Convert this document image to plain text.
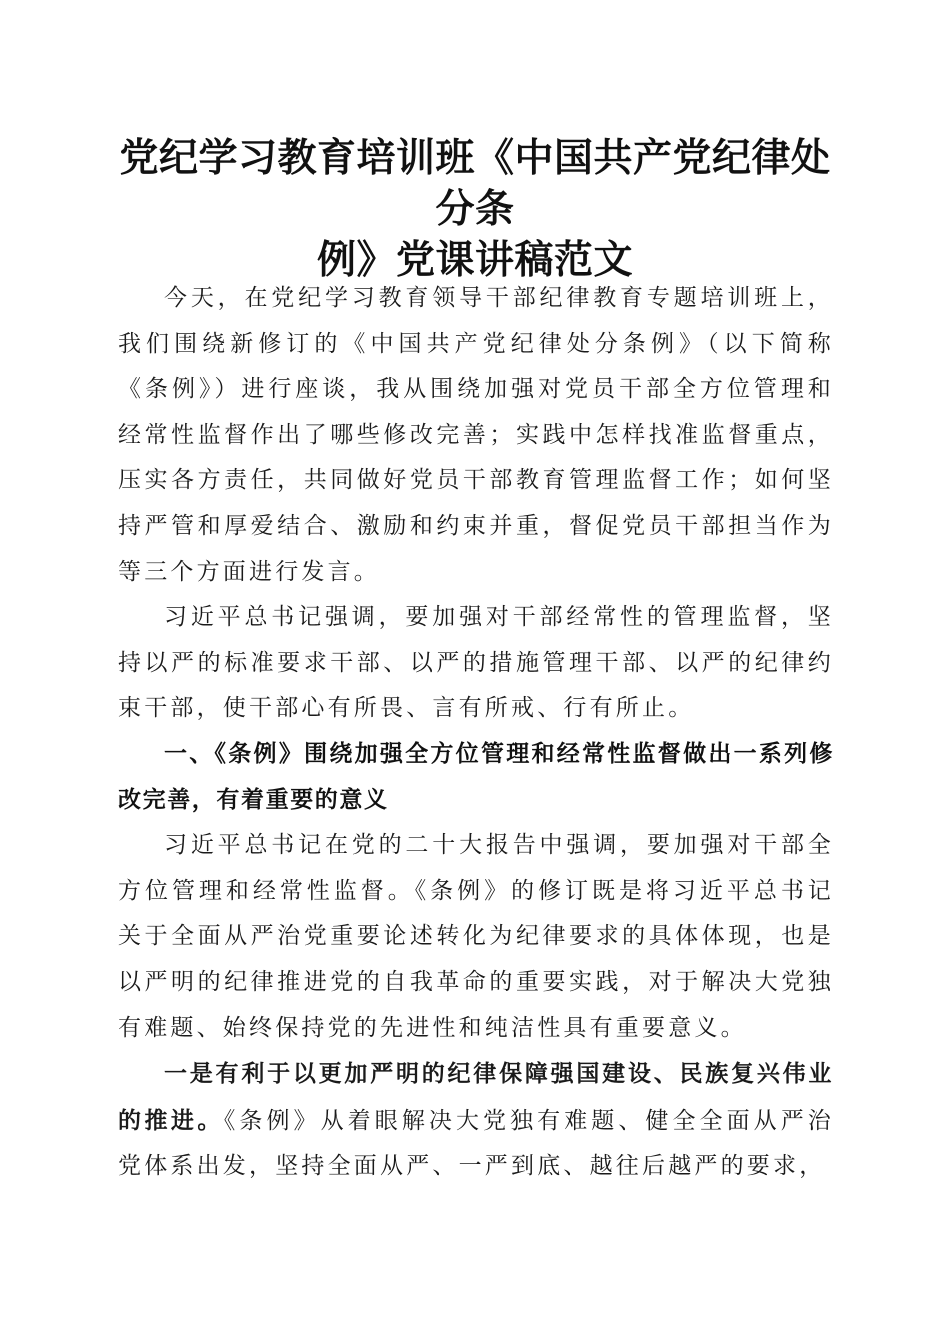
党纪学习教育培训班《中国共产党纪律处分条
例》党课讲稿范文

今天，在党纪学习教育领导干部纪律教育专题培训班上，我们围绕新修订的《中国共产党纪律处分条例》（以下简称《条例》）进行座谈，我从围绕加强对党员干部全方位管理和经常性监督作出了哪些修改完善；实践中怎样找准监督重点，压实各方责任，共同做好党员干部教育管理监督工作；如何坚持严管和厚爱结合、激励和约束并重，督促党员干部担当作为等三个方面进行发言。

习近平总书记强调，要加强对干部经常性的管理监督，坚持以严的标准要求干部、以严的措施管理干部、以严的纪律约束干部，使干部心有所畏、言有所戒、行有所止。

一、《条例》围绕加强全方位管理和经常性监督做出一系列修改完善，有着重要的意义

习近平总书记在党的二十大报告中强调，要加强对干部全方位管理和经常性监督。《条例》的修订既是将习近平总书记关于全面从严治党重要论述转化为纪律要求的具体体现，也是以严明的纪律推进党的自我革命的重要实践，对于解决大党独有难题、始终保持党的先进性和纯洁性具有重要意义。

一是有利于以更加严明的纪律保障强国建设、民族复兴伟业的推进。《条例》从着眼解决大党独有难题、健全全面从严治党体系出发，坚持全面从严、一严到底、越往后越严的要求，
